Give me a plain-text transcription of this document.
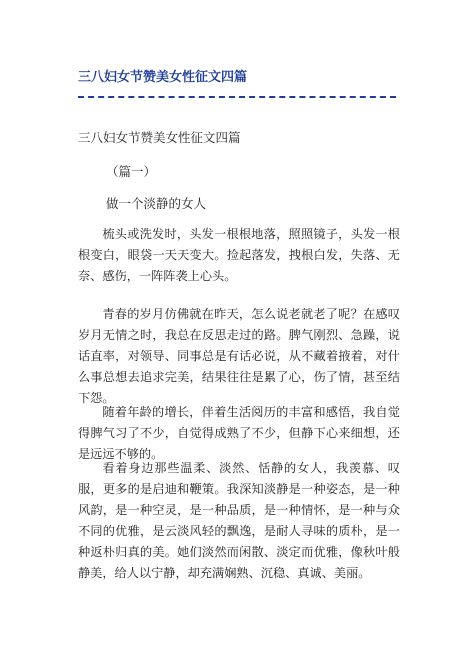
三八妇女节赞美女性征文四篇
三八妇女节赞美女性征文四篇
（篇一）
做一个淡静的女人

梳头或洗发时，头发一根根地落，照照镜子，头发一根根变白，眼袋一天天变大。捡起落发，拽根白发，失落、无奈、感伤，一阵阵袭上心头。

青春的岁月仿佛就在昨天，怎么说老就老了呢？在感叹岁月无情之时，我总在反思走过的路。脾气刚烈、急躁，说话直率，对领导、同事总是有话必说，从不藏着掖着，对什么事总想去追求完美，结果往往是累了心，伤了情，甚至结下怨。

随着年龄的增长，伴着生活阅历的丰富和感悟，我自觉得脾气习了不少，自觉得成熟了不少，但静下心来细想，还是远远不够的。

看着身边那些温柔、淡然、恬静的女人，我羡慕、叹服，更多的是启迪和鞭策。我深知淡静是一种姿态，是一种风韵，是一种空灵，是一种品质，是一种情怀，是一种与众不同的优雅，是云淡风轻的飘逸，是耐人寻味的质朴，是一种返朴归真的美。她们淡然而闲散、淡定而优雅，像秋叶般静美，给人以宁静，却充满娴熟、沉稳、真诚、美丽。
